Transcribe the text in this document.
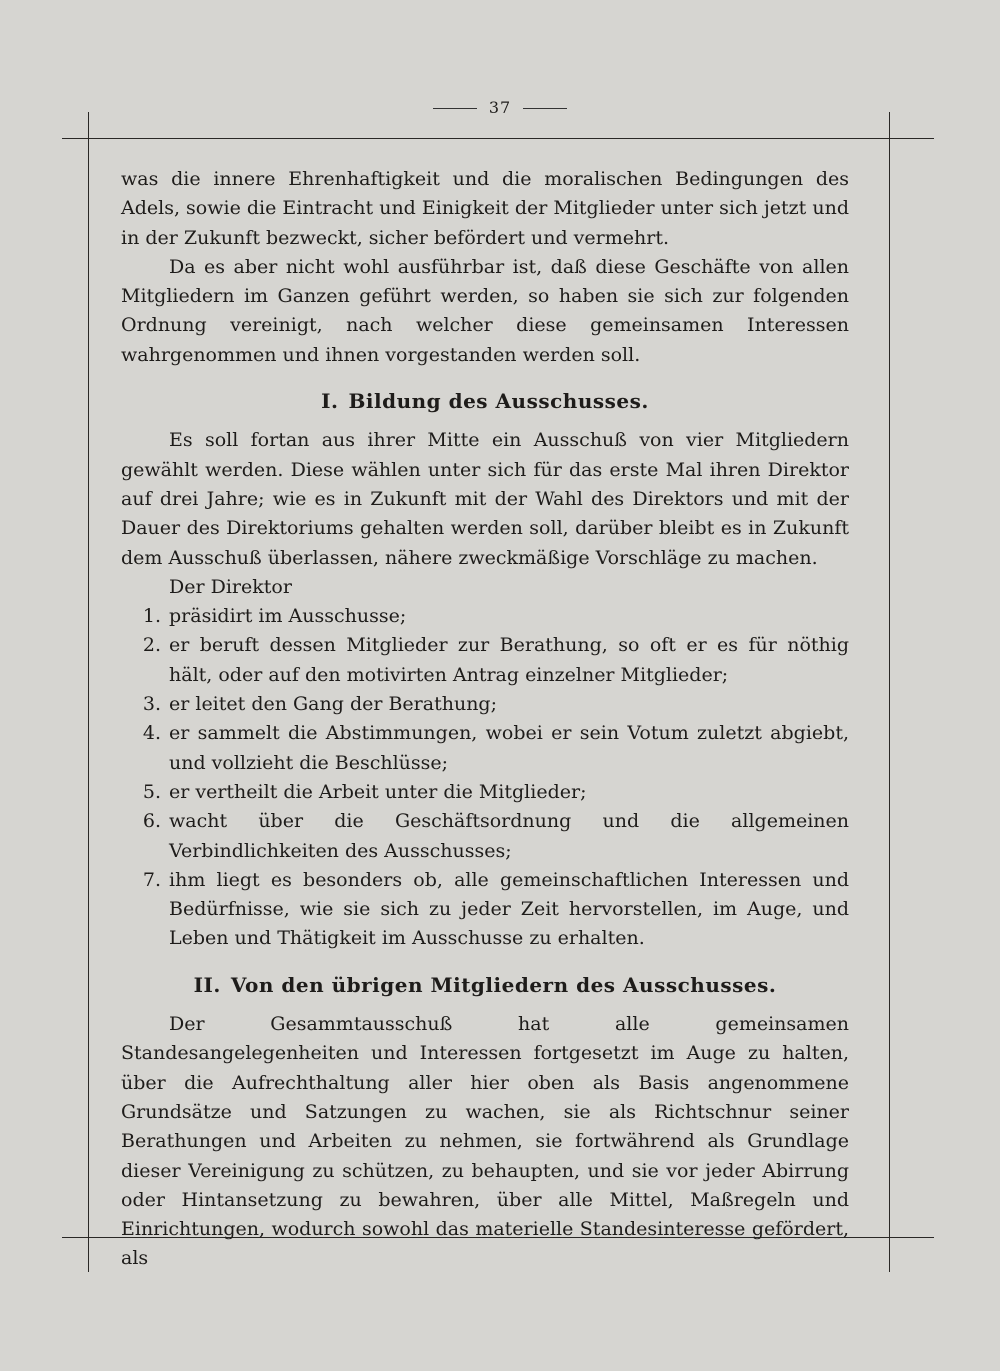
37

was die innere Ehrenhaftigkeit und die moralischen Bedingungen des Adels, sowie die Eintracht und Einigkeit der Mitglieder unter sich jetzt und in der Zukunft bezweckt, sicher befördert und vermehrt.

Da es aber nicht wohl ausführbar ist, daß diese Geschäfte von allen Mitgliedern im Ganzen geführt werden, so haben sie sich zur folgenden Ordnung vereinigt, nach welcher diese gemeinsamen Interessen wahrgenommen und ihnen vorgestanden werden soll.

I. Bildung des Ausschusses.

Es soll fortan aus ihrer Mitte ein Ausschuß von vier Mitgliedern gewählt werden. Diese wählen unter sich für das erste Mal ihren Direktor auf drei Jahre; wie es in Zukunft mit der Wahl des Direktors und mit der Dauer des Direktoriums gehalten werden soll, darüber bleibt es in Zukunft dem Ausschuß überlassen, nähere zweckmäßige Vorschläge zu machen.

Der Direktor

1. präsidirt im Ausschusse;
2. er beruft dessen Mitglieder zur Berathung, so oft er es für nöthig hält, oder auf den motivirten Antrag einzelner Mitglieder;
3. er leitet den Gang der Berathung;
4. er sammelt die Abstimmungen, wobei er sein Votum zuletzt abgiebt, und vollzieht die Beschlüsse;
5. er vertheilt die Arbeit unter die Mitglieder;
6. wacht über die Geschäftsordnung und die allgemeinen Verbindlichkeiten des Ausschusses;
7. ihm liegt es besonders ob, alle gemeinschaftlichen Interessen und Bedürfnisse, wie sie sich zu jeder Zeit hervorstellen, im Auge, und Leben und Thätigkeit im Ausschusse zu erhalten.
II. Von den übrigen Mitgliedern des Ausschusses.

Der Gesammtausschuß hat alle gemeinsamen Standesangelegenheiten und Interessen fortgesetzt im Auge zu halten, über die Aufrechthaltung aller hier oben als Basis angenommene Grundsätze und Satzungen zu wachen, sie als Richtschnur seiner Berathungen und Arbeiten zu nehmen, sie fortwährend als Grundlage dieser Vereinigung zu schützen, zu behaupten, und sie vor jeder Abirrung oder Hintansetzung zu bewahren, über alle Mittel, Maßregeln und Einrichtungen, wodurch sowohl das materielle Standesinteresse gefördert, als
